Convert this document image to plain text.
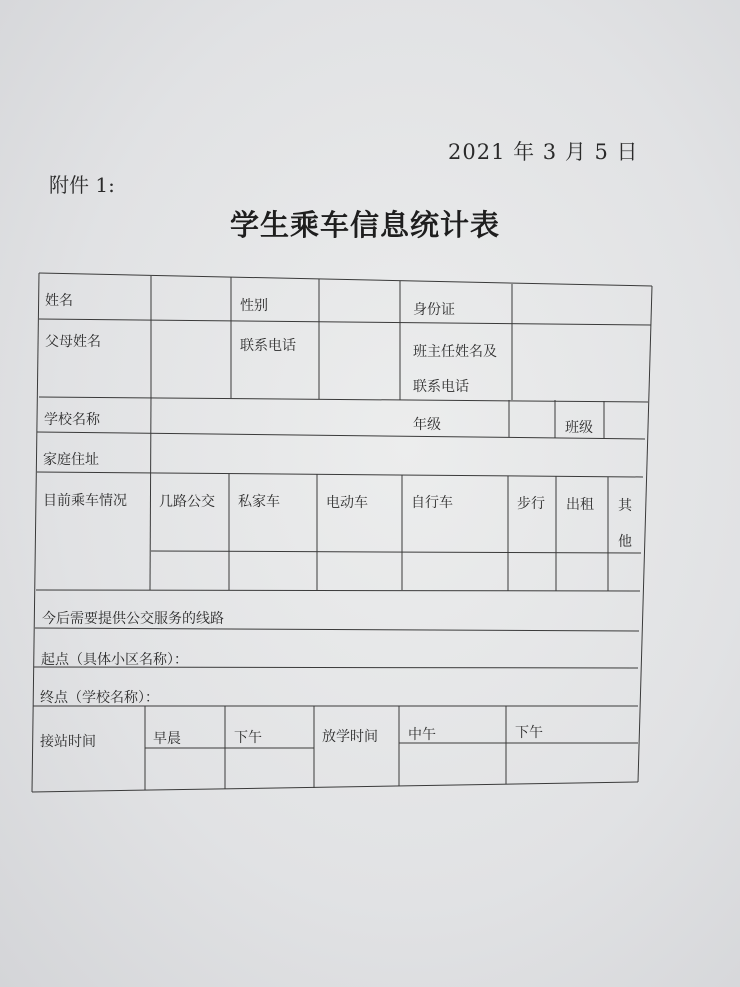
2021 年 3 月 5 日
附件 1:
学生乘车信息统计表
姓名	性别	身份证
父母姓名	联系电话	班主任姓名及
联系电话
学校名称	年级	班级
家庭住址
目前乘车情况 几路公交 私家车	电动车	自行车	步行 出租 其
他
今后需要提供公交服务的线路
起点（具体小区名称）：
终点（学校名称）：
接站时间	早晨	下午	放学时间 中午	下午
